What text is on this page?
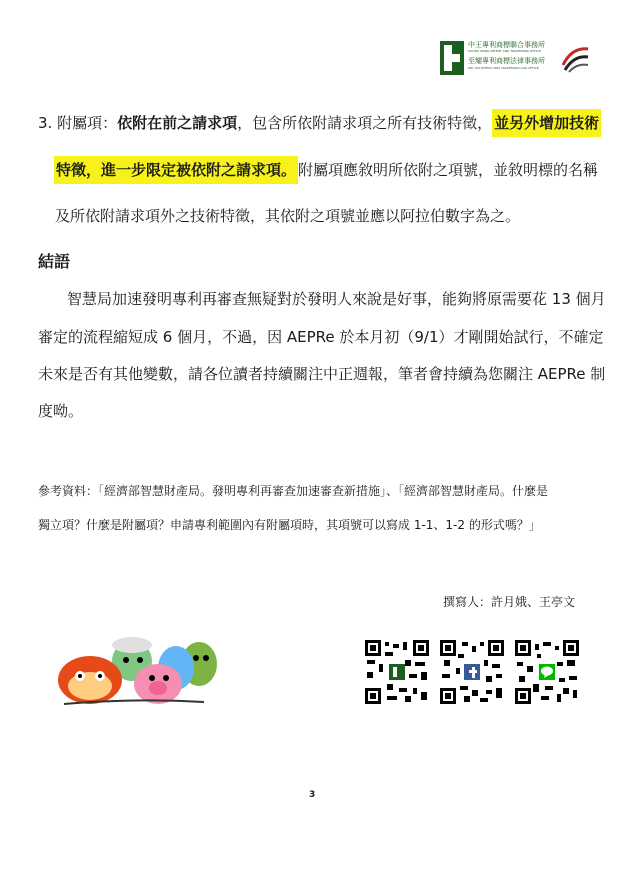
中王專利商標聯合事務所
CHUNG WANG PATENT AND TRADEMARK OFFICE
至耀專利商標法律事務所
ZHI YAO PATENT AND TRADEMARK LAW OFFICE
3. 附屬項：依附在前之請求項，包含所依附請求項之所有技術特徵， 並另外增加技術
特徵，進一步限定被依附之請求項。 附屬項應敘明所依附之項號，並敘明標的名稱
及所依附請求項外之技術特徵，其依附之項號並應以阿拉伯數字為之。
結語
智慧局加速發明專利再審查無疑對於發明人來說是好事，能夠將原需要花 13 個月
審定的流程縮短成 6 個月，不過，因 AEPRe 於本月初（9/1）才剛開始試行，不確定
未來是否有其他變數，請各位讀者持續關注中正週報，筆者會持續為您關注 AEPRe 制
度呦。
參考資料：「經濟部智慧財產局。發明專利再審查加速審查新措施」、「經濟部智慧財產局。什麼是
獨立項？什麼是附屬項？申請專利範圍內有附屬項時，其項號可以寫成 1-1、1-2 的形式嗎？」
撰寫人：許月娥、王亭文
3
